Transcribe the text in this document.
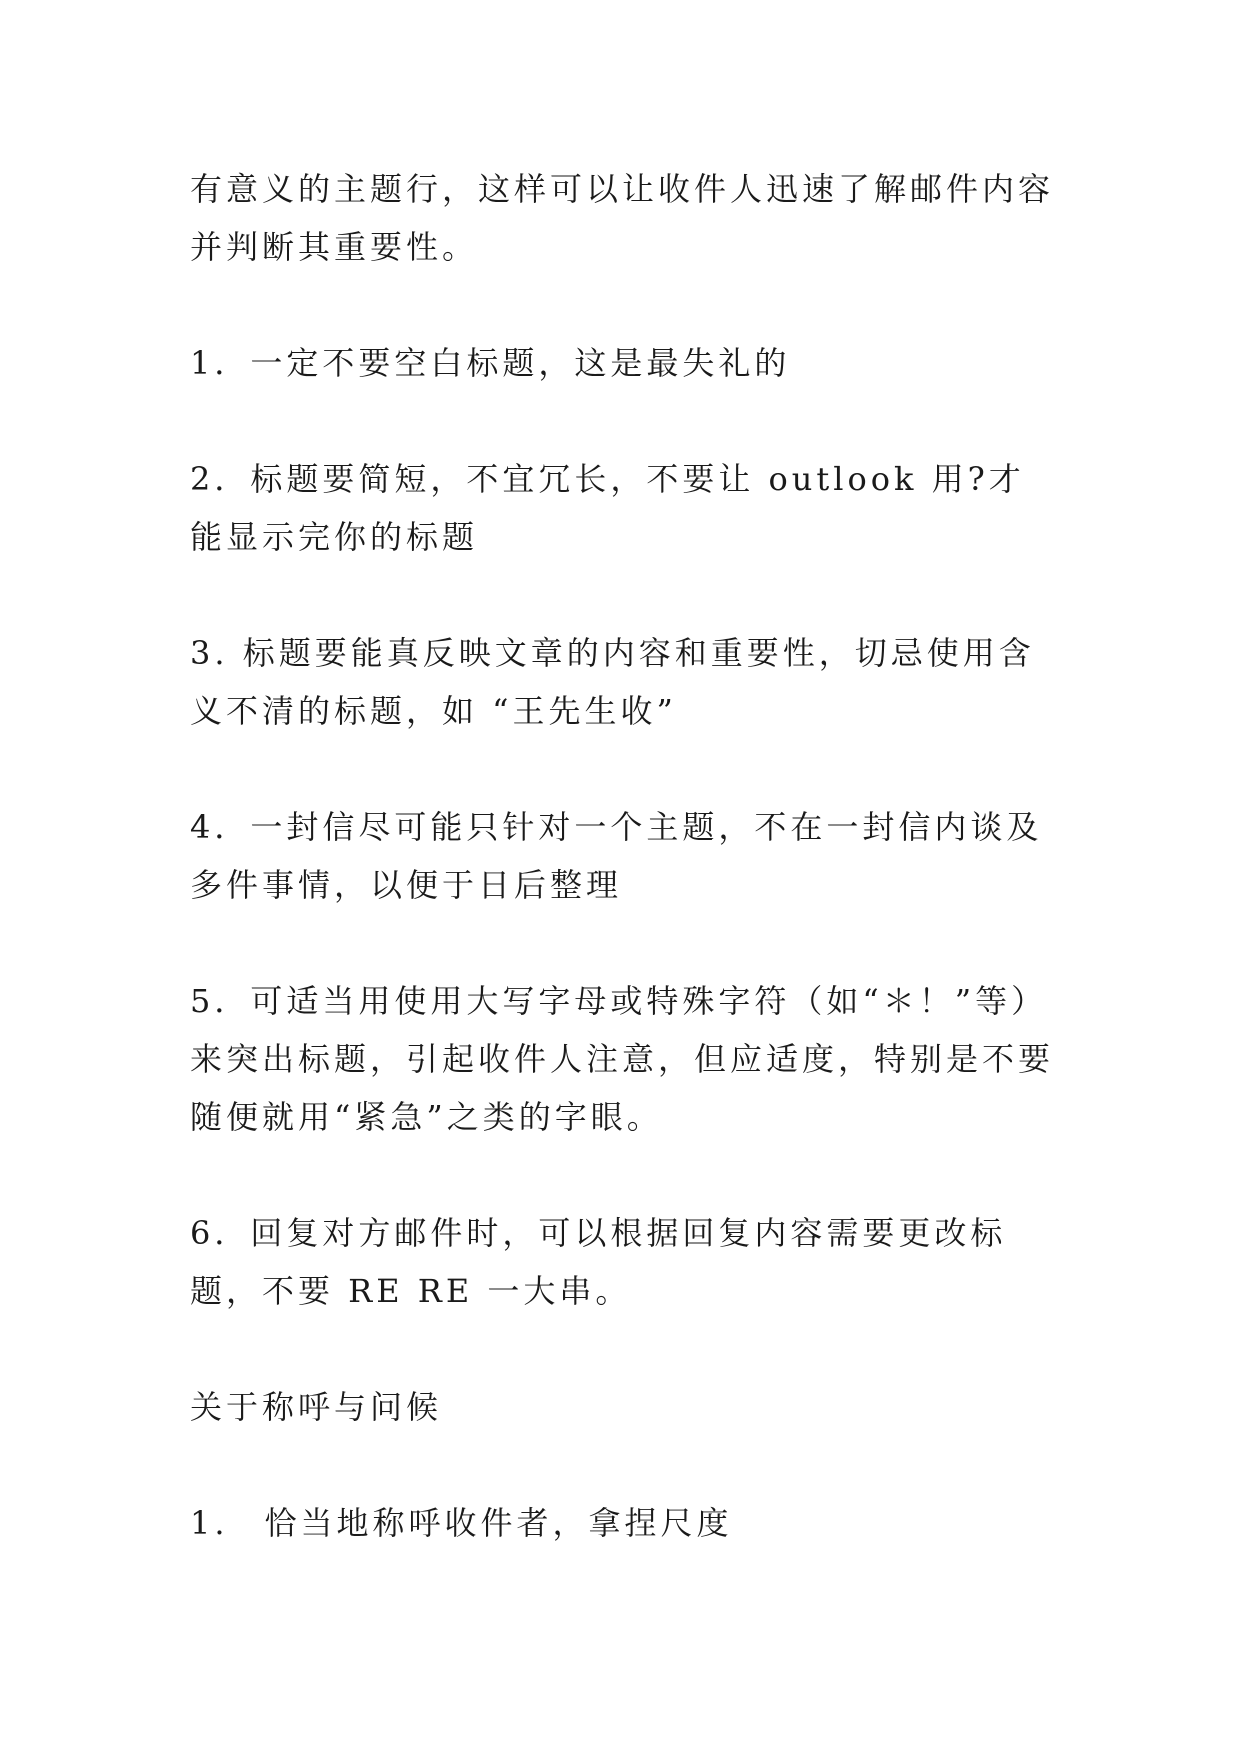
有意义的主题行，这样可以让收件人迅速了解邮件内容并判断其重要性。

1．一定不要空白标题，这是最失礼的

2．标题要简短，不宜冗长，不要让 outlook 用?才能显示完你的标题

3. 标题要能真反映文章的内容和重要性，切忌使用含义不清的标题，如 “王先生收”

4．一封信尽可能只针对一个主题，不在一封信内谈及多件事情，以便于日后整理

5．可适当用使用大写字母或特殊字符（如“＊！”等）来突出标题，引起收件人注意，但应适度，特别是不要随便就用“紧急”之类的字眼。

6．回复对方邮件时，可以根据回复内容需要更改标题，不要 RE RE 一大串。

关于称呼与问候

1.　恰当地称呼收件者，拿捏尺度
